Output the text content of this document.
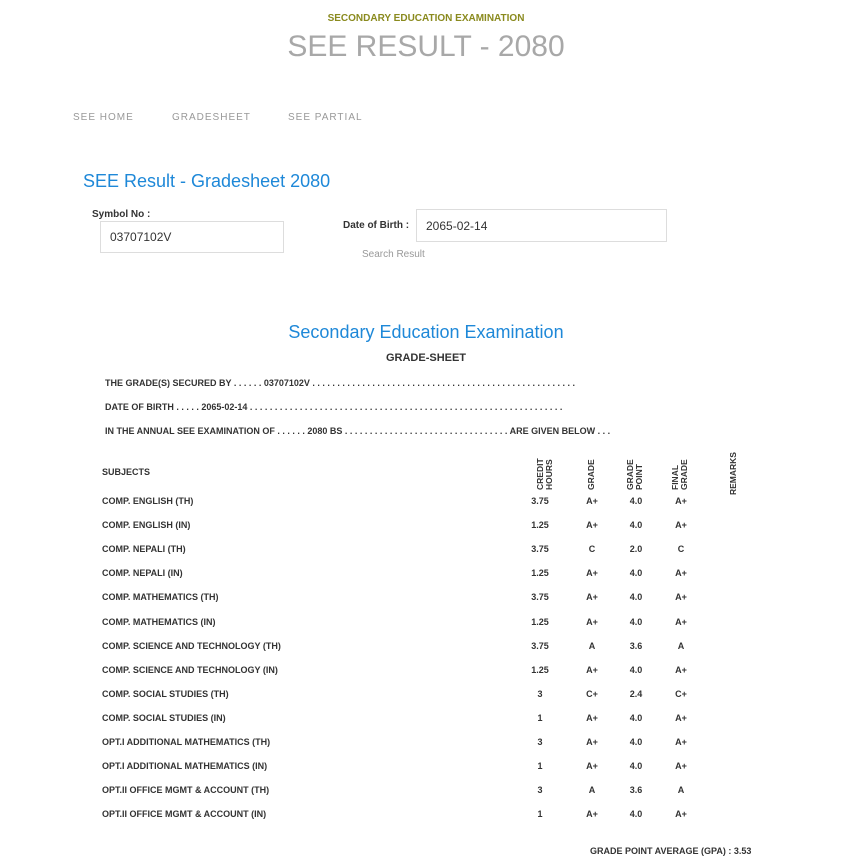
SECONDARY EDUCATION EXAMINATION
SEE RESULT - 2080
SEE HOME	GRADESHEET	SEE PARTIAL
SEE Result - Gradesheet 2080
Symbol No :
03707102V
Date of Birth :	2065-02-14
Search Result
Secondary Education Examination
GRADE-SHEET
THE GRADE(S) SECURED BY . . . . . . 03707102V . . . . . . . . . . . . . . . . . . . . . . . . . . . . . . . . . . . . . . . . . . . . . . . . . . . . .
DATE OF BIRTH . . . . . 2065-02-14 . . . . . . . . . . . . . . . . . . . . . . . . . . . . . . . . . . . . . . . . . . . . . . . . . . . . . . . . . . . . . . .
IN THE ANNUAL SEE EXAMINATION OF . . . . . . 2080 BS . . . . . . . . . . . . . . . . . . . . . . . . . . . . . . . . . ARE GIVEN BELOW . . .
SUBJECTS	CREDIT HOURS	GRADE	GRADE POINT	FINAL GRADE	REMARKS
COMP. ENGLISH (TH)	3.75	A+	4.0	A+
COMP. ENGLISH (IN)	1.25	A+	4.0	A+
COMP. NEPALI (TH)	3.75	C	2.0	C
COMP. NEPALI (IN)	1.25	A+	4.0	A+
COMP. MATHEMATICS (TH)	3.75	A+	4.0	A+
COMP. MATHEMATICS (IN)	1.25	A+	4.0	A+
COMP. SCIENCE AND TECHNOLOGY (TH)	3.75	A	3.6	A
COMP. SCIENCE AND TECHNOLOGY (IN)	1.25	A+	4.0	A+
COMP. SOCIAL STUDIES (TH)	3	C+	2.4	C+
COMP. SOCIAL STUDIES (IN)	1	A+	4.0	A+
OPT.I ADDITIONAL MATHEMATICS (TH)	3	A+	4.0	A+
OPT.I ADDITIONAL MATHEMATICS (IN)	1	A+	4.0	A+
OPT.II OFFICE MGMT & ACCOUNT (TH)	3	A	3.6	A
OPT.II OFFICE MGMT & ACCOUNT (IN)	1	A+	4.0	A+
GRADE POINT AVERAGE (GPA) : 3.53
